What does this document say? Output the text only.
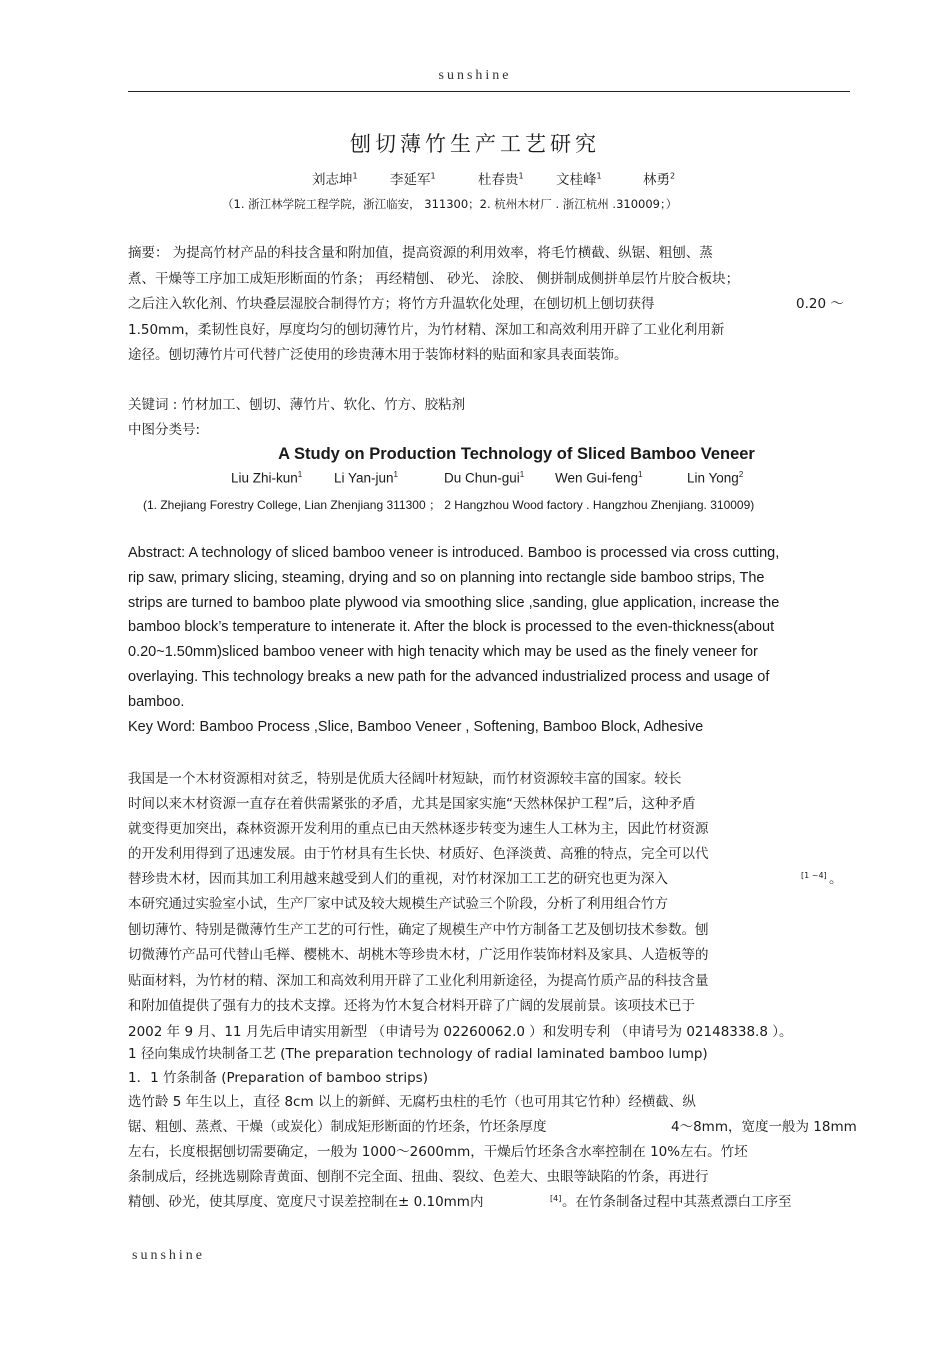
sunshine
刨切薄竹生产工艺研究
刘志坤$^1$ 李延军$^1$	杜春贵$^1$ 文桂峰$^1$	林勇$^2$
（1. 浙江林学院工程学院，浙江临安， 311300；2. 杭州木材厂 . 浙江杭州 .310009；）
摘要： 为提高竹材产品的科技含量和附加值，提高资源的利用效率，将毛竹横截、纵锯、粗刨、蒸
煮、干燥等工序加工成矩形断面的竹条； 再经精刨、 砂光、 涂胶、 侧拼制成侧拼单层竹片胶合板块；
之后注入软化剂、竹块叠层湿胶合制得竹方；将竹方升温软化处理，在刨切机上刨切获得	0.20 ～
1.50mm，柔韧性良好，厚度均匀的刨切薄竹片，为竹材精、深加工和高效利用开辟了工业化利用新
途径。刨切薄竹片可代替广泛使用的珍贵薄木用于装饰材料的贴面和家具表面装饰。
关键词 : 竹材加工、刨切、薄竹片、软化、竹方、胶粘剂
中图分类号:
A Study on Production Technology of Sliced Bamboo Veneer
Liu Zhi-kun$^1$ Li Yan-jun$^1$	Du Chun-gui$^1$ Wen Gui-feng$^1$	Lin Yong$^2$
(1. Zhejiang Forestry College, Lian Zhenjiang 311300 ； 2 Hangzhou Wood factory . Hangzhou Zhenjiang. 310009)
Abstract: A technology of sliced bamboo veneer is introduced. Bamboo is processed via cross cutting,
rip saw, primary slicing, steaming, drying and so on planning into rectangle side bamboo strips, The
strips are turned to bamboo plate plywood via smoothing slice ,sanding, glue application, increase the
bamboo block’s temperature to intenerate it. After the block is processed to the even-thickness(about
0.20~1.50mm)sliced bamboo veneer with high tenacity which may be used as the finely veneer for
overlaying. This technology breaks a new path for the advanced industrialized process and usage of
bamboo.
Key Word: Bamboo Process ,Slice, Bamboo Veneer , Softening, Bamboo Block, Adhesive
我国是一个木材资源相对贫乏，特别是优质大径阔叶材短缺，而竹材资源较丰富的国家。较长
时间以来木材资源一直存在着供需紧张的矛盾，尤其是国家实施“天然林保护工程”后，这种矛盾
就变得更加突出，森林资源开发利用的重点已由天然林逐步转变为速生人工林为主，因此竹材资源
的开发利用得到了迅速发展。由于竹材具有生长快、材质好、色泽淡黄、高雅的特点，完全可以代
替珍贵木材，因而其加工利用越来越受到人们的重视，对竹材深加工工艺的研究也更为深入	[1 ~4] 。
本研究通过实验室小试，生产厂家中试及较大规模生产试验三个阶段，分析了利用组合竹方
刨切薄竹、特别是微薄竹生产工艺的可行性，确定了规模生产中竹方制备工艺及刨切技术参数。刨
切微薄竹产品可代替山毛榉、樱桃木、胡桃木等珍贵木材，广泛用作装饰材料及家具、人造板等的
贴面材料，为竹材的精、深加工和高效利用开辟了工业化利用新途径，为提高竹质产品的科技含量
和附加值提供了强有力的技术支撑。还将为竹木复合材料开辟了广阔的发展前景。该项技术已于
2002 年 9 月、11 月先后申请实用新型 （申请号为 02260062.0 ）和发明专利 （申请号为 02148338.8 ）。
1 径向集成竹块制备工艺 (The preparation technology of radial laminated bamboo lump)
1．1 竹条制备 (Preparation of bamboo strips)
选竹龄 5 年生以上，直径 8cm 以上的新鲜、无腐朽虫柱的毛竹（也可用其它竹种）经横截、纵
锯、粗刨、蒸煮、干燥（或炭化）制成矩形断面的竹坯条，竹坯条厚度	4～8mm，宽度一般为 18mm
左右，长度根据刨切需要确定，一般为 1000～2600mm，干燥后竹坯条含水率控制在 10%左右。竹坯
条制成后，经挑选剔除青黄面、刨削不完全面、扭曲、裂纹、色差大、虫眼等缺陷的竹条，再进行
精刨、砂光，使其厚度、宽度尺寸误差控制在± 0.10mm内	[4] 。在竹条制备过程中其蒸煮漂白工序至
sunshine
